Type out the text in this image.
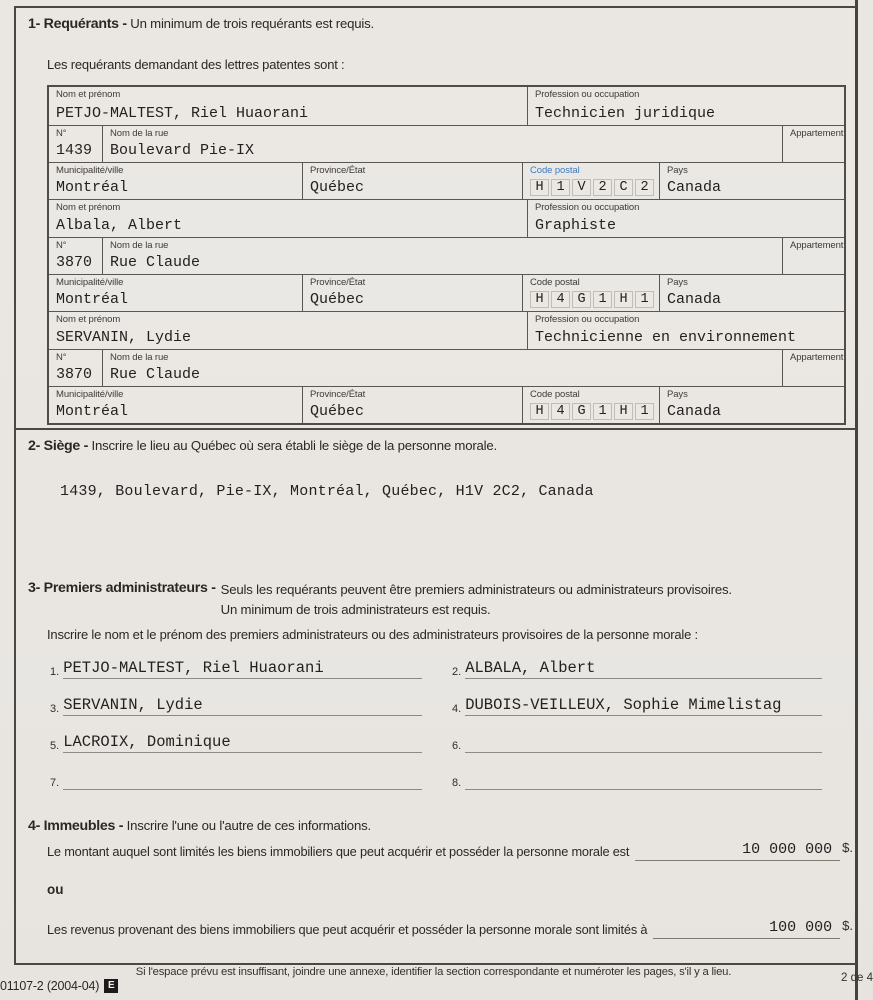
1- Requérants - Un minimum de trois requérants est requis.
Les requérants demandant des lettres patentes sont :
Nom et prénom
PETJO-MALTEST, Riel Huaorani
Profession ou occupation
Technicien juridique
N°
1439
Nom de la rue
Boulevard Pie-IX
Appartement
Municipalité/ville
Montréal
Province/État
Québec
Code postal
H 1 V 2 C 2
Pays
Canada
Nom et prénom
Albala, Albert
Profession ou occupation
Graphiste
N°
3870
Nom de la rue
Rue Claude
Appartement
Municipalité/ville
Montréal
Province/État
Québec
Code postal
H 4 G 1 H 1
Pays
Canada
Nom et prénom
SERVANIN, Lydie
Profession ou occupation
Technicienne en environnement
N°
3870
Nom de la rue
Rue Claude
Appartement
Municipalité/ville
Montréal
Province/État
Québec
Code postal
H 4 G 1 H 1
Pays
Canada
2- Siège - Inscrire le lieu au Québec où sera établi le siège de la personne morale.
1439, Boulevard, Pie-IX, Montréal, Québec, H1V 2C2, Canada
3- Premiers administrateurs - Seuls les requérants peuvent être premiers administrateurs ou administrateurs provisoires.
Un minimum de trois administrateurs est requis.
Inscrire le nom et le prénom des premiers administrateurs ou des administrateurs provisoires de la personne morale :
1. PETJO-MALTEST, Riel Huaorani	2. ALBALA, Albert
3. SERVANIN, Lydie	4. DUBOIS-VEILLEUX, Sophie Mimelistag
5. LACROIX, Dominique	6.
7.	8.
4- Immeubles - Inscrire l'une ou l'autre de ces informations.
Le montant auquel sont limités les biens immobiliers que peut acquérir et posséder la personne morale est	10 000 000 $.
ou
Les revenus provenant des biens immobiliers que peut acquérir et posséder la personne morale sont limités à	100 000 $.
Si l'espace prévu est insuffisant, joindre une annexe, identifier la section correspondante et numéroter les pages, s'il y a lieu.
01107-2 (2004-04) E
2 de 4
